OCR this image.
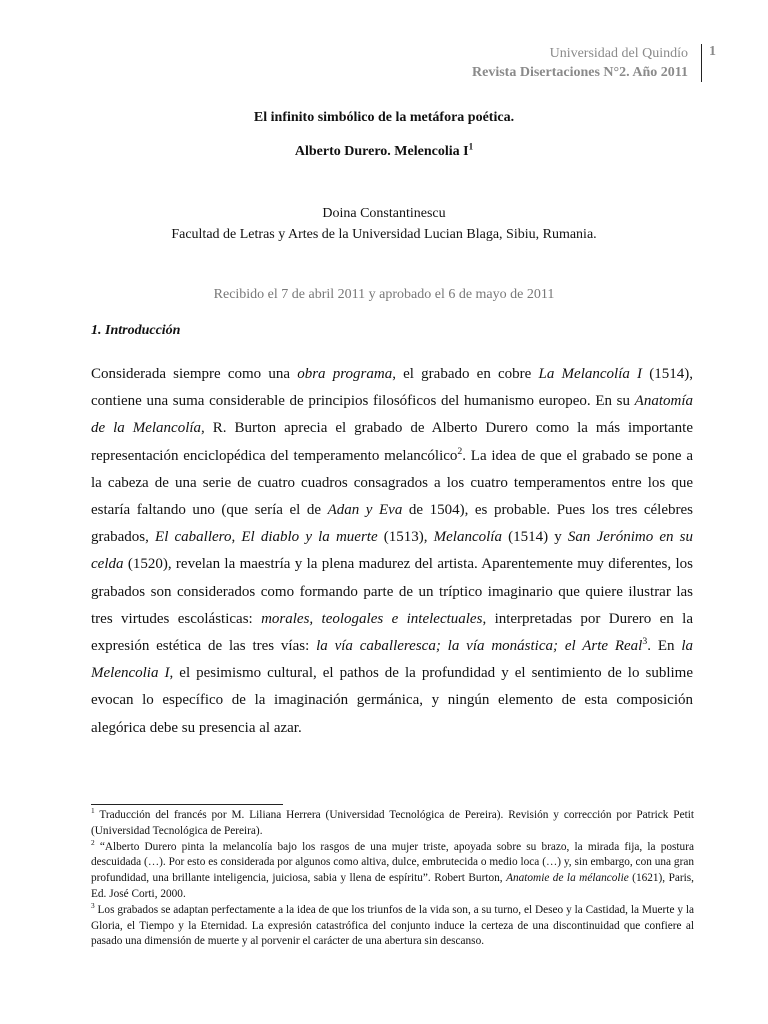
Universidad del Quindío
Revista Disertaciones N°2. Año 2011
1
El infinito simbólico de la metáfora poética.
Alberto Durero. Melencolia $I^1$
Doina Constantinescu
Facultad de Letras y Artes de la Universidad Lucian Blaga, Sibiu, Rumania.
Recibido el 7 de abril 2011 y aprobado el 6 de mayo de 2011
1. Introducción
Considerada siempre como una obra programa, el grabado en cobre La Melancolía I (1514), contiene una suma considerable de principios filosóficos del humanismo europeo. En su Anatomía de la Melancolía, R. Burton aprecia el grabado de Alberto Durero como la más importante representación enciclopédica del temperamento melancólico$^2$. La idea de que el grabado se pone a la cabeza de una serie de cuatro cuadros consagrados a los cuatro temperamentos entre los que estaría faltando uno (que sería el de Adan y Eva de 1504), es probable. Pues los tres célebres grabados, El caballero, El diablo y la muerte (1513), Melancolía (1514) y San Jerónimo en su celda (1520), revelan la maestría y la plena madurez del artista. Aparentemente muy diferentes, los grabados son considerados como formando parte de un tríptico imaginario que quiere ilustrar las tres virtudes escolásticas: morales, teologales e intelectuales, interpretadas por Durero en la expresión estética de las tres vías: la vía caballeresca; la vía monástica; el Arte Real$^3$. En la Melencolia I, el pesimismo cultural, el pathos de la profundidad y el sentimiento de lo sublime evocan lo específico de la imaginación germánica, y ningún elemento de esta composición alegórica debe su presencia al azar.

$^1$ Traducción del francés por M. Liliana Herrera (Universidad Tecnológica de Pereira). Revisión y corrección por Patrick Petit (Universidad Tecnológica de Pereira).

$^2$ “Alberto Durero pinta la melancolía bajo los rasgos de una mujer triste, apoyada sobre su brazo, la mirada fija, la postura descuidada (…). Por esto es considerada por algunos como altiva, dulce, embrutecida o medio loca (…) y, sin embargo, con una gran profundidad, una brillante inteligencia, juiciosa, sabia y llena de espíritu”. Robert Burton, Anatomie de la mélancolie (1621), Paris, Ed. José Corti, 2000.

$^3$ Los grabados se adaptan perfectamente a la idea de que los triunfos de la vida son, a su turno, el Deseo y la Castidad, la Muerte y la Gloria, el Tiempo y la Eternidad. La expresión catastrófica del conjunto induce la certeza de una discontinuidad que confiere al pasado una dimensión de muerte y al porvenir el carácter de una abertura sin descanso.
